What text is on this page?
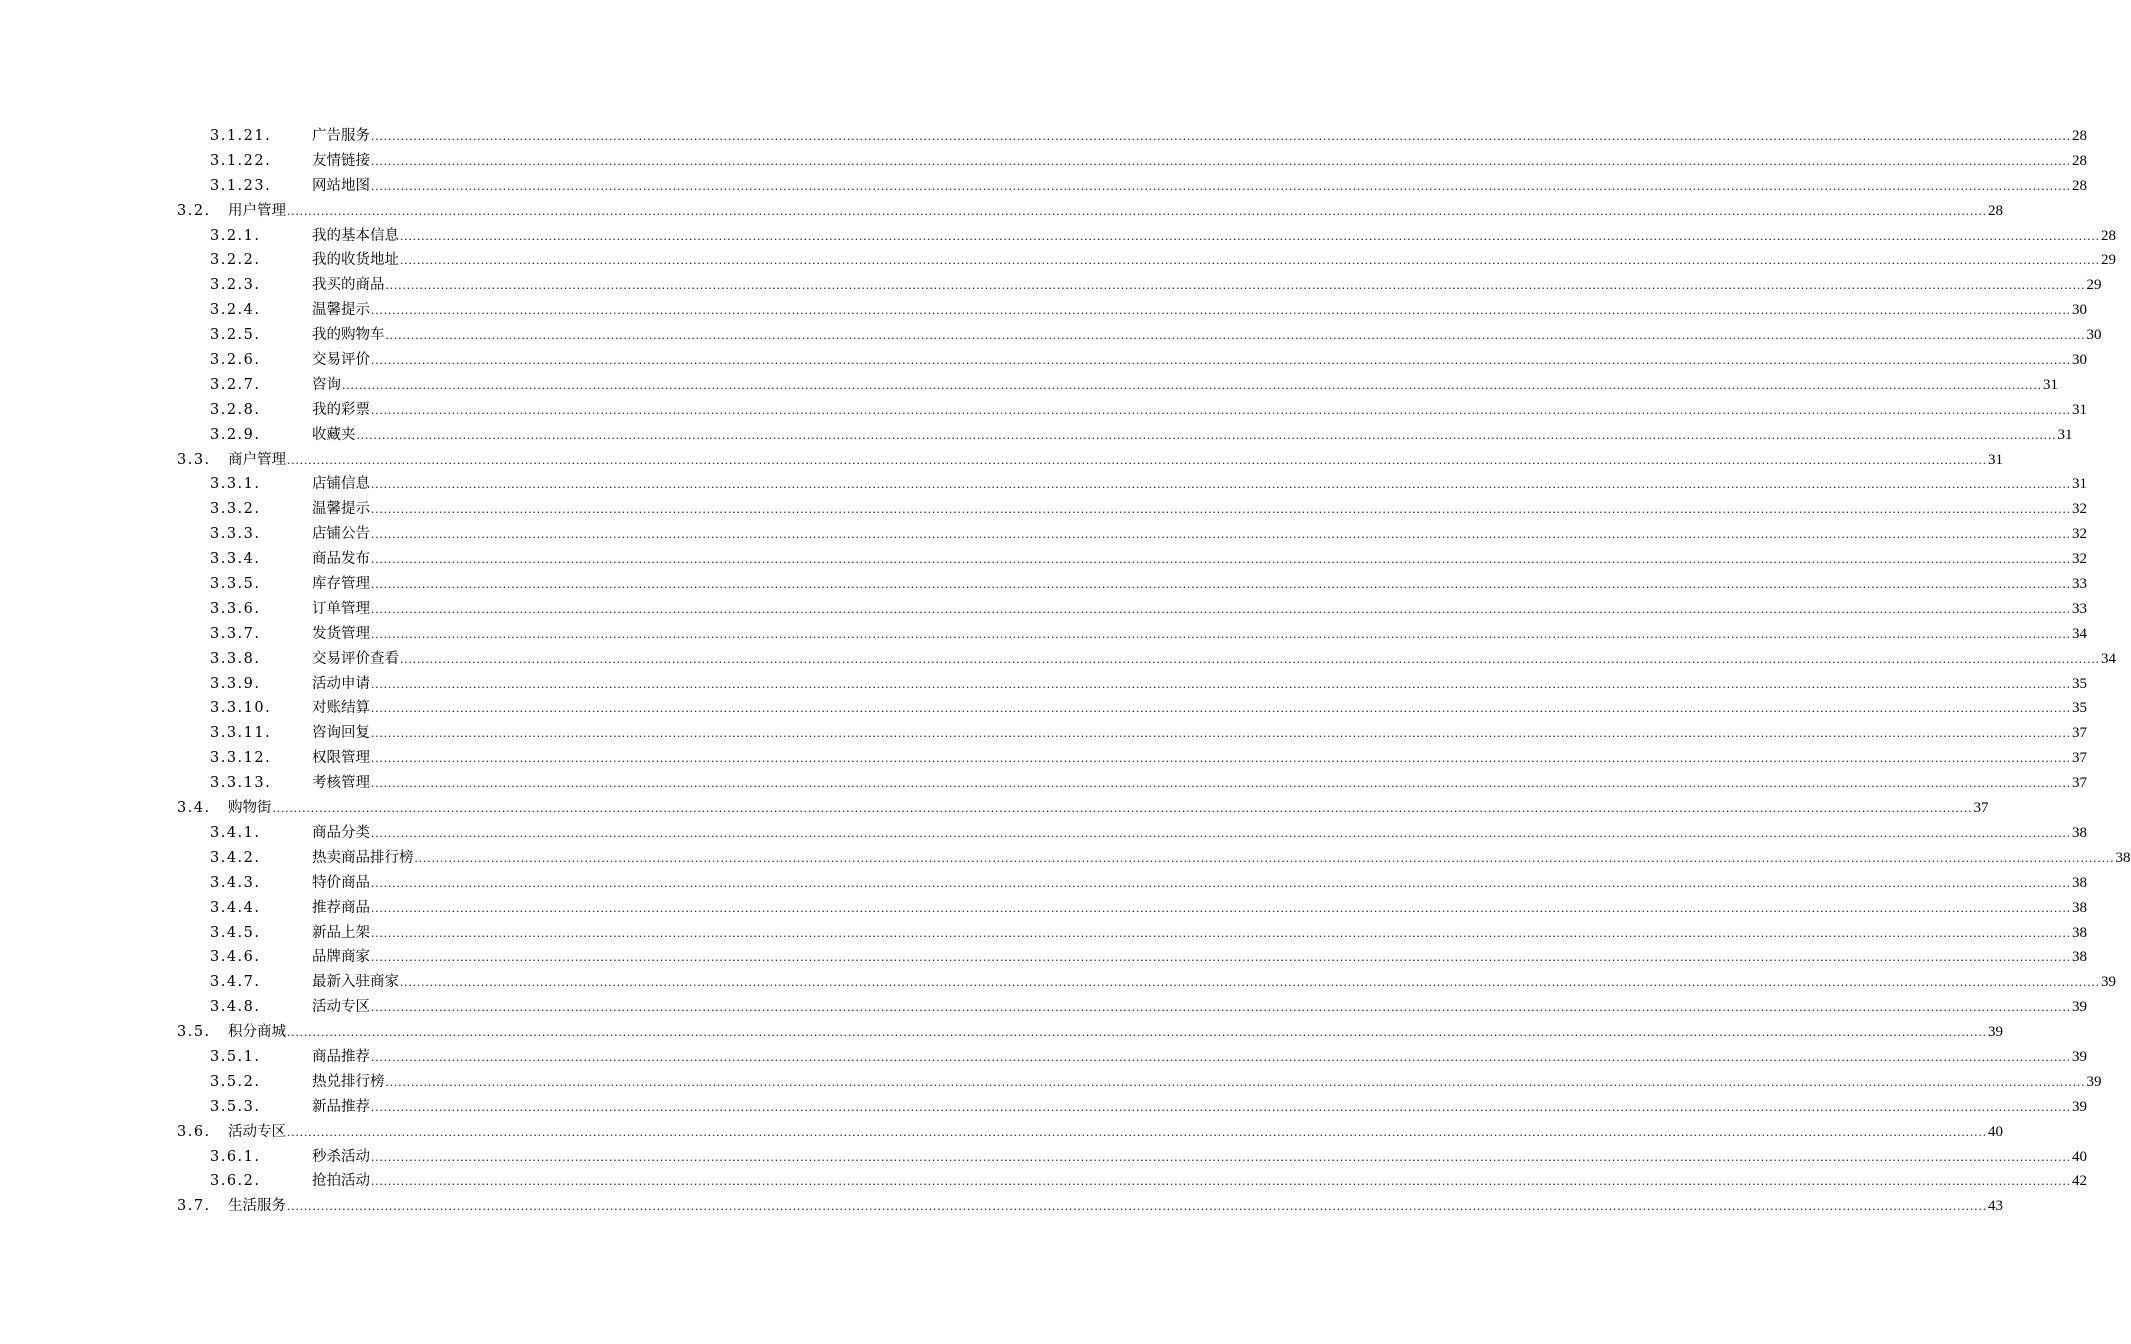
3.1.21.	广告服务 ................................................................................................................................................................................................................................................................................................................................................................................................................ 28
3.1.22.	友情链接 ................................................................................................................................................................................................................................................................................................................................................................................................................ 28
3.1.23.	网站地图 ................................................................................................................................................................................................................................................................................................................................................................................................................ 28
3.2. 用户管理 ................................................................................................................................................................................................................................................................................................................................................................................................................ 28
3.2.1.	我的基本信息 ................................................................................................................................................................................................................................................................................................................................................................................................................ 28
3.2.2.	我的收货地址 ................................................................................................................................................................................................................................................................................................................................................................................................................ 29
3.2.3.	我买的商品 ................................................................................................................................................................................................................................................................................................................................................................................................................ 29
3.2.4.	温馨提示 ................................................................................................................................................................................................................................................................................................................................................................................................................ 30
3.2.5.	我的购物车 ................................................................................................................................................................................................................................................................................................................................................................................................................ 30
3.2.6.	交易评价 ................................................................................................................................................................................................................................................................................................................................................................................................................ 30
3.2.7.	咨询 ................................................................................................................................................................................................................................................................................................................................................................................................................ 31
3.2.8.	我的彩票 ................................................................................................................................................................................................................................................................................................................................................................................................................ 31
3.2.9.	收藏夹 ................................................................................................................................................................................................................................................................................................................................................................................................................ 31
3.3. 商户管理 ................................................................................................................................................................................................................................................................................................................................................................................................................ 31
3.3.1.	店铺信息 ................................................................................................................................................................................................................................................................................................................................................................................................................ 31
3.3.2.	温馨提示 ................................................................................................................................................................................................................................................................................................................................................................................................................ 32
3.3.3.	店铺公告 ................................................................................................................................................................................................................................................................................................................................................................................................................ 32
3.3.4.	商品发布 ................................................................................................................................................................................................................................................................................................................................................................................................................ 32
3.3.5.	库存管理 ................................................................................................................................................................................................................................................................................................................................................................................................................ 33
3.3.6.	订单管理 ................................................................................................................................................................................................................................................................................................................................................................................................................ 33
3.3.7.	发货管理 ................................................................................................................................................................................................................................................................................................................................................................................................................ 34
3.3.8.	交易评价查看 ................................................................................................................................................................................................................................................................................................................................................................................................................ 34
3.3.9.	活动申请 ................................................................................................................................................................................................................................................................................................................................................................................................................ 35
3.3.10.	对账结算 ................................................................................................................................................................................................................................................................................................................................................................................................................ 35
3.3.11.	咨询回复 ................................................................................................................................................................................................................................................................................................................................................................................................................ 37
3.3.12.	权限管理 ................................................................................................................................................................................................................................................................................................................................................................................................................ 37
3.3.13.	考核管理 ................................................................................................................................................................................................................................................................................................................................................................................................................ 37
3.4. 购物街 ................................................................................................................................................................................................................................................................................................................................................................................................................ 37
3.4.1.	商品分类 ................................................................................................................................................................................................................................................................................................................................................................................................................ 38
3.4.2.	热卖商品排行榜 ................................................................................................................................................................................................................................................................................................................................................................................................................ 38
3.4.3.	特价商品 ................................................................................................................................................................................................................................................................................................................................................................................................................ 38
3.4.4.	推荐商品 ................................................................................................................................................................................................................................................................................................................................................................................................................ 38
3.4.5.	新品上架 ................................................................................................................................................................................................................................................................................................................................................................................................................ 38
3.4.6.	品牌商家 ................................................................................................................................................................................................................................................................................................................................................................................................................ 38
3.4.7.	最新入驻商家 ................................................................................................................................................................................................................................................................................................................................................................................................................ 39
3.4.8.	活动专区 ................................................................................................................................................................................................................................................................................................................................................................................................................ 39
3.5. 积分商城 ................................................................................................................................................................................................................................................................................................................................................................................................................ 39
3.5.1.	商品推荐 ................................................................................................................................................................................................................................................................................................................................................................................................................ 39
3.5.2.	热兑排行榜 ................................................................................................................................................................................................................................................................................................................................................................................................................ 39
3.5.3.	新品推荐 ................................................................................................................................................................................................................................................................................................................................................................................................................ 39
3.6. 活动专区 ................................................................................................................................................................................................................................................................................................................................................................................................................ 40
3.6.1.	秒杀活动 ................................................................................................................................................................................................................................................................................................................................................................................................................ 40
3.6.2.	抢拍活动 ................................................................................................................................................................................................................................................................................................................................................................................................................ 42
3.7. 生活服务 ................................................................................................................................................................................................................................................................................................................................................................................................................ 43
